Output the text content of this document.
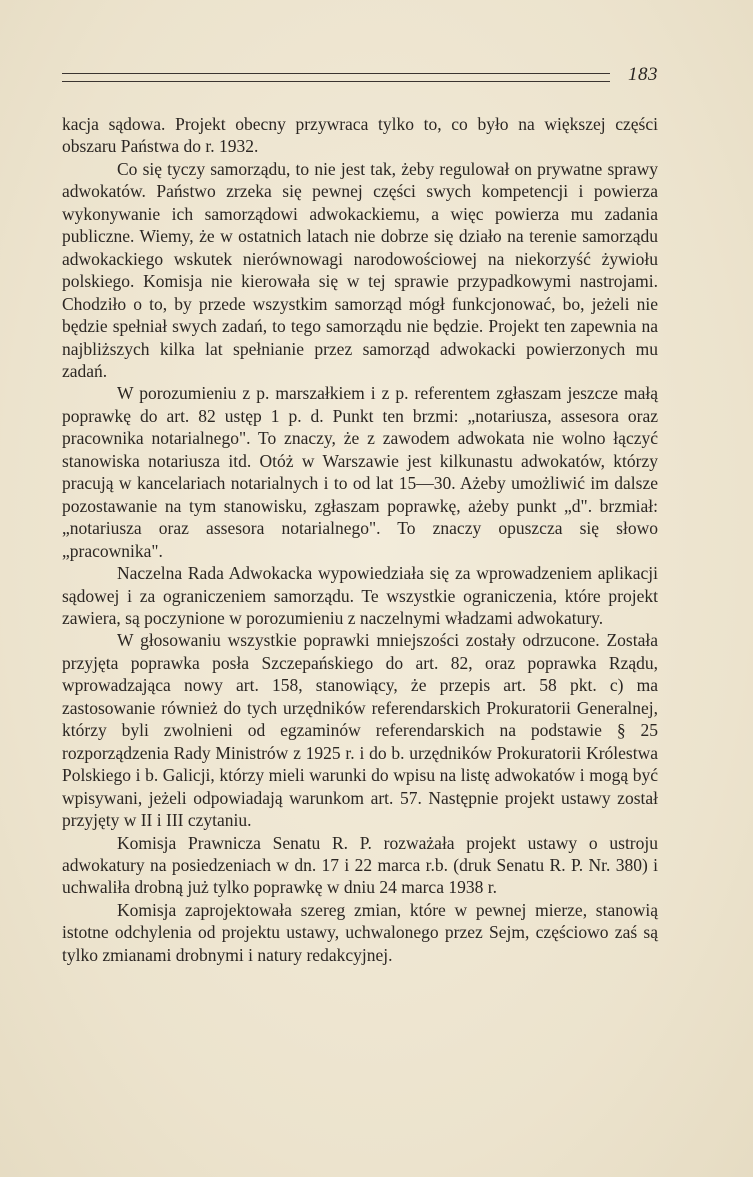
183

kacja sądowa. Projekt obecny przywraca tylko to, co było na większej części obszaru Państwa do r. 1932.

Co się tyczy samorządu, to nie jest tak, żeby regulował on prywatne sprawy adwokatów. Państwo zrzeka się pewnej części swych kompetencji i powierza wykonywanie ich samorządowi adwokackiemu, a więc powierza mu zadania publiczne. Wiemy, że w ostatnich latach nie dobrze się działo na terenie samorządu adwokackiego wskutek nierównowagi narodowościowej na niekorzyść żywiołu polskiego. Komisja nie kierowała się w tej sprawie przypadkowymi nastrojami. Chodziło o to, by przede wszystkim samorząd mógł funkcjonować, bo, jeżeli nie będzie spełniał swych zadań, to tego samorządu nie będzie. Projekt ten zapewnia na najbliższych kilka lat spełnianie przez samorząd adwokacki powierzonych mu zadań.

W porozumieniu z p. marszałkiem i z p. referentem zgłaszam jeszcze małą poprawkę do art. 82 ustęp 1 p. d. Punkt ten brzmi: „notariusza, assesora oraz pracownika notarialnego". To znaczy, że z zawodem adwokata nie wolno łączyć stanowiska notariusza itd. Otóż w Warszawie jest kilkunastu adwokatów, którzy pracują w kancelariach notarialnych i to od lat 15—30. Ażeby umożliwić im dalsze pozostawanie na tym stanowisku, zgłaszam poprawkę, ażeby punkt „d". brzmiał: „notariusza oraz assesora notarialnego". To znaczy opuszcza się słowo „pracownika".

Naczelna Rada Adwokacka wypowiedziała się za wprowadzeniem aplikacji sądowej i za ograniczeniem samorządu. Te wszystkie ograniczenia, które projekt zawiera, są poczynione w porozumieniu z naczelnymi władzami adwokatury.

W głosowaniu wszystkie poprawki mniejszości zostały odrzucone. Została przyjęta poprawka posła Szczepańskiego do art. 82, oraz poprawka Rządu, wprowadzająca nowy art. 158, stanowiący, że przepis art. 58 pkt. c) ma zastosowanie również do tych urzędników referendarskich Prokuratorii Generalnej, którzy byli zwolnieni od egzaminów referendarskich na podstawie § 25 rozporządzenia Rady Ministrów z 1925 r. i do b. urzędników Prokuratorii Królestwa Polskiego i b. Galicji, którzy mieli warunki do wpisu na listę adwokatów i mogą być wpisywani, jeżeli odpowiadają warunkom art. 57. Następnie projekt ustawy został przyjęty w II i III czytaniu.

Komisja Prawnicza Senatu R. P. rozważała projekt ustawy o ustroju adwokatury na posiedzeniach w dn. 17 i 22 marca r.b. (druk Senatu R. P. Nr. 380) i uchwaliła drobną już tylko poprawkę w dniu 24 marca 1938 r.

Komisja zaprojektowała szereg zmian, które w pewnej mierze, stanowią istotne odchylenia od projektu ustawy, uchwalonego przez Sejm, częściowo zaś są tylko zmianami drobnymi i natury redakcyjnej.
